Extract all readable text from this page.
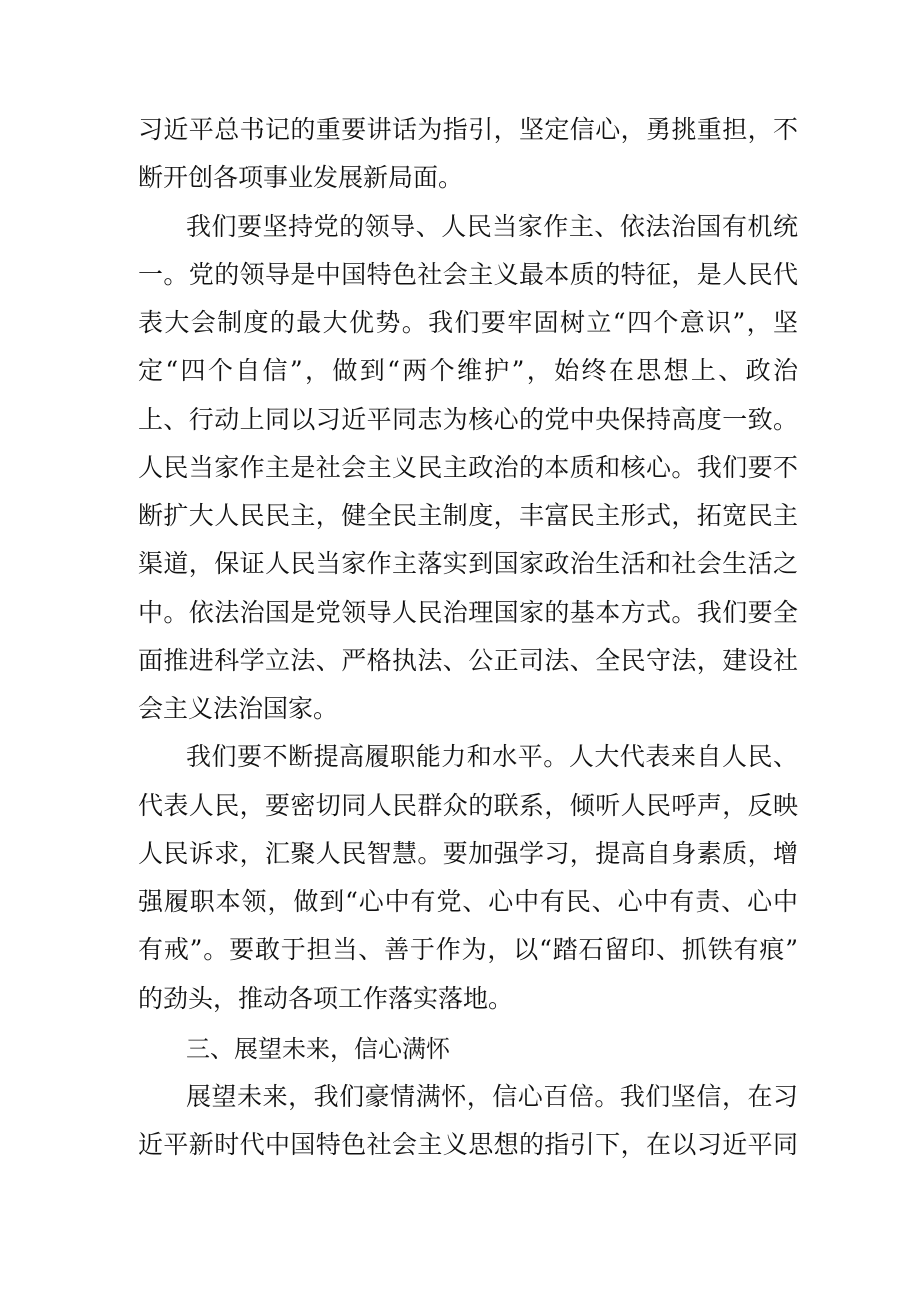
习近平总书记的重要讲话为指引，坚定信心，勇挑重担，不
断开创各项事业发展新局面。
我们要坚持党的领导、人民当家作主、依法治国有机统
一。党的领导是中国特色社会主义最本质的特征，是人民代
表大会制度的最大优势。我们要牢固树立“四个意识”，坚
定“四个自信”，做到“两个维护”，始终在思想上、政治
上、行动上同以习近平同志为核心的党中央保持高度一致。
人民当家作主是社会主义民主政治的本质和核心。我们要不
断扩大人民民主，健全民主制度，丰富民主形式，拓宽民主
渠道，保证人民当家作主落实到国家政治生活和社会生活之
中。依法治国是党领导人民治理国家的基本方式。我们要全
面推进科学立法、严格执法、公正司法、全民守法，建设社
会主义法治国家。
我们要不断提高履职能力和水平。人大代表来自人民、
代表人民，要密切同人民群众的联系，倾听人民呼声，反映
人民诉求，汇聚人民智慧。要加强学习，提高自身素质，增
强履职本领，做到“心中有党、心中有民、心中有责、心中
有戒”。要敢于担当、善于作为，以“踏石留印、抓铁有痕”
的劲头，推动各项工作落实落地。
三、展望未来，信心满怀
展望未来，我们豪情满怀，信心百倍。我们坚信，在习
近平新时代中国特色社会主义思想的指引下，在以习近平同
